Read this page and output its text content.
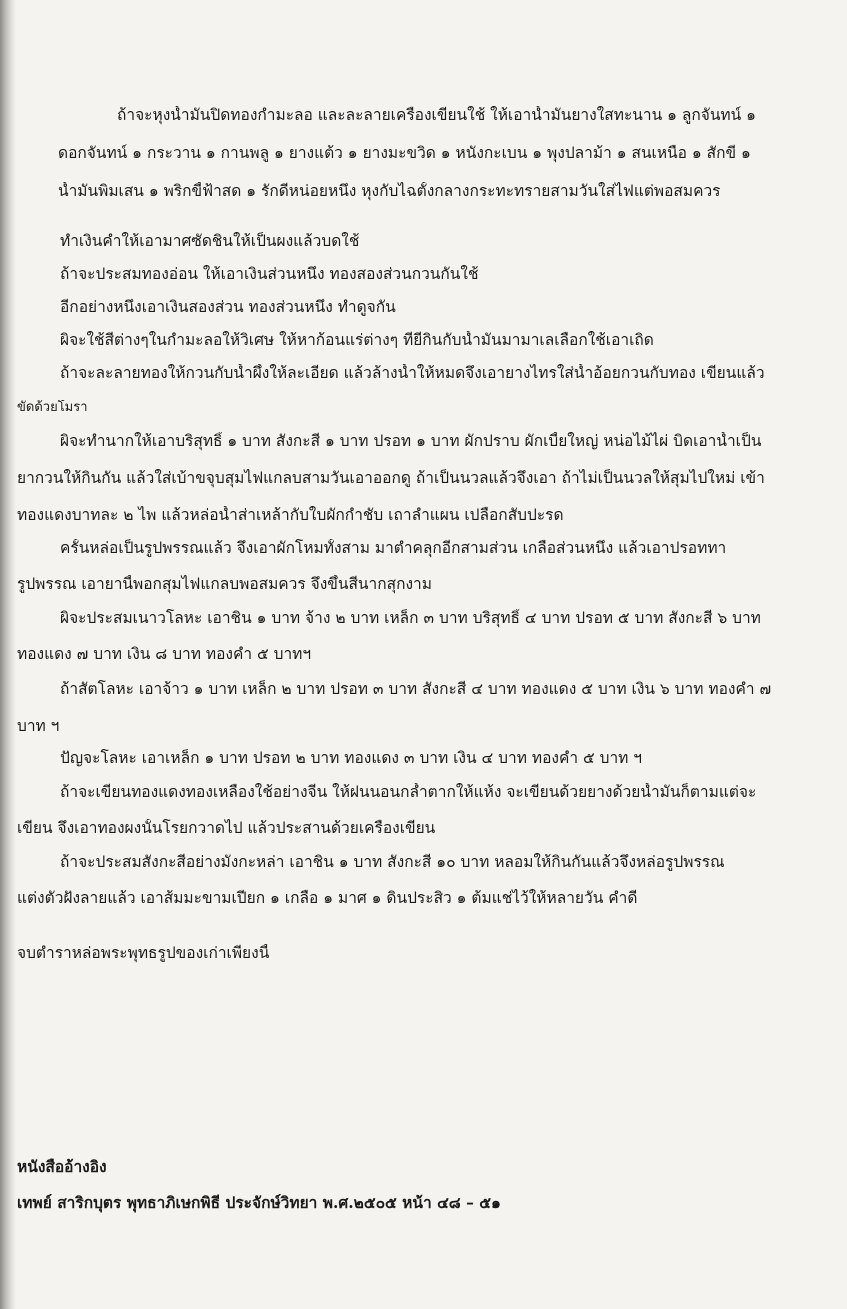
ถ้าจะหุงน้ำมันปิดทองกำมะลอ และละลายเครื่องเขียนใช้ ให้เอาน้ำมันยางใสทะนาน ๑ ลูกจันทน์ ๑
ดอกจันทน์ ๑ กระวาน ๑ กานพลู ๑ ยางแต้ว ๑ ยางมะขวิด ๑ หนังกะเบน ๑ พุงปลาม้า ๑ สนเหนือ ๑ สักขี ๑
น้ำมันพิมเสน ๑ พริกขี้ฟ้าสด ๑ รักดีหน่อยหนึ่ง หุงกับไฉตั้งกลางกระทะทรายสามวันใส่ไฟแต่พอสมควร
ทำเงินคำให้เอามาศซัดชินให้เป็นผงแล้วบดใช้
ถ้าจะประสมทองอ่อน ให้เอาเงินส่วนหนึ่ง ทองสองส่วนกวนกันใช้
อีกอย่างหนึ่งเอาเงินสองส่วน ทองส่วนหนึ่ง ทำดูจกัน
ผิจะใช้สีต่างๆในกำมะลอให้วิเศษ ให้หาก้อนแร่ต่างๆ ที่ยี่กินกับน้ำมันมามาเลเลือกใช้เอาเถิด
ถ้าจะละลายทองให้กวนกับน้ำผึ้งให้ละเอียด แล้วล้างน้ำให้หมดจึงเอายางไทรใส่น้ำอ้อยกวนกับทอง เขียนแล้ว
ขัดด้วยโมรา
ผิจะทำนากให้เอาบริสุทธิ์ ๑ บาท สังกะสี ๑ บาท ปรอท ๑ บาท ผักปราบ ผักเบี้ยใหญ่ หน่อไม้ไผ่ บิดเอาน้ำเป็น
ยากวนให้กินกัน แล้วใส่เบ้าขจุบสุมไฟแกลบสามวันเอาออกดู ถ้าเป็นนวลแล้วจึงเอา ถ้าไม่เป็นนวลให้สุมไปใหม่ เข้า
ทองแดงบาทละ ๒ ไพ แล้วหล่อน้ำส่าเหล้ากับใบผักกำชับ เถาลำแผน เปลือกสับปะรด
ครั้นหล่อเป็นรูปพรรณแล้ว จึงเอาผักโหมทั้งสาม มาตำคลุกอีกสามส่วน เกลือส่วนหนึ่ง แล้วเอาปรอททา
รูปพรรณ เอายานี้พอกสุมไฟแกลบพอสมควร จึงขึ้นสีนากสุกงาม
ผิจะประสมเนาวโลหะ เอาชิน ๑ บาท จ้าง ๒ บาท เหล็ก ๓ บาท บริสุทธิ์ ๔ บาท ปรอท ๕ บาท สังกะสี ๖ บาท
ทองแดง ๗ บาท เงิน ๘ บาท ทองคำ ๕ บาทฯ
ถ้าสัตโลหะ เอาจ้าว ๑ บาท เหล็ก ๒ บาท ปรอท ๓ บาท สังกะสี ๔ บาท ทองแดง ๕ บาท เงิน ๖ บาท ทองคำ ๗
บาท ฯ
ปัญจะโลหะ เอาเหล็ก ๑ บาท ปรอท ๒ บาท ทองแดง ๓ บาท เงิน ๔ บาท ทองคำ ๕ บาท ฯ
ถ้าจะเขียนทองแดงทองเหลืองใช้อย่างจีน ให้ฝนนอนกล้ำตากให้แห้ง จะเขียนด้วยยางด้วยน้ำมันก็ตามแต่จะ
เขียน จึงเอาทองผงนั้นโรยกวาดไป แล้วประสานด้วยเครื่องเขียน
ถ้าจะประสมสังกะสีอย่างมั่งกะหล่า เอาชิน ๑ บาท สังกะสี ๑๐ บาท หลอมให้กินกันแล้วจึงหล่อรูปพรรณ
แต่งตัวฝังลายแล้ว เอาส้มมะขามเปียก ๑ เกลือ ๑ มาศ ๑ ดินประสิว ๑ ต้มแช่ไว้ให้หลายวัน คำดี
จบตำราหล่อพระพุทธรูปของเก่าเพียงนี้
หนังสืออ้างอิง
เทพย์ สาริกบุตร พุทธาภิเษกพิธี ประจักษ์วิทยา พ.ศ.๒๕๐๕ หน้า ๔๘ – ๕๑
